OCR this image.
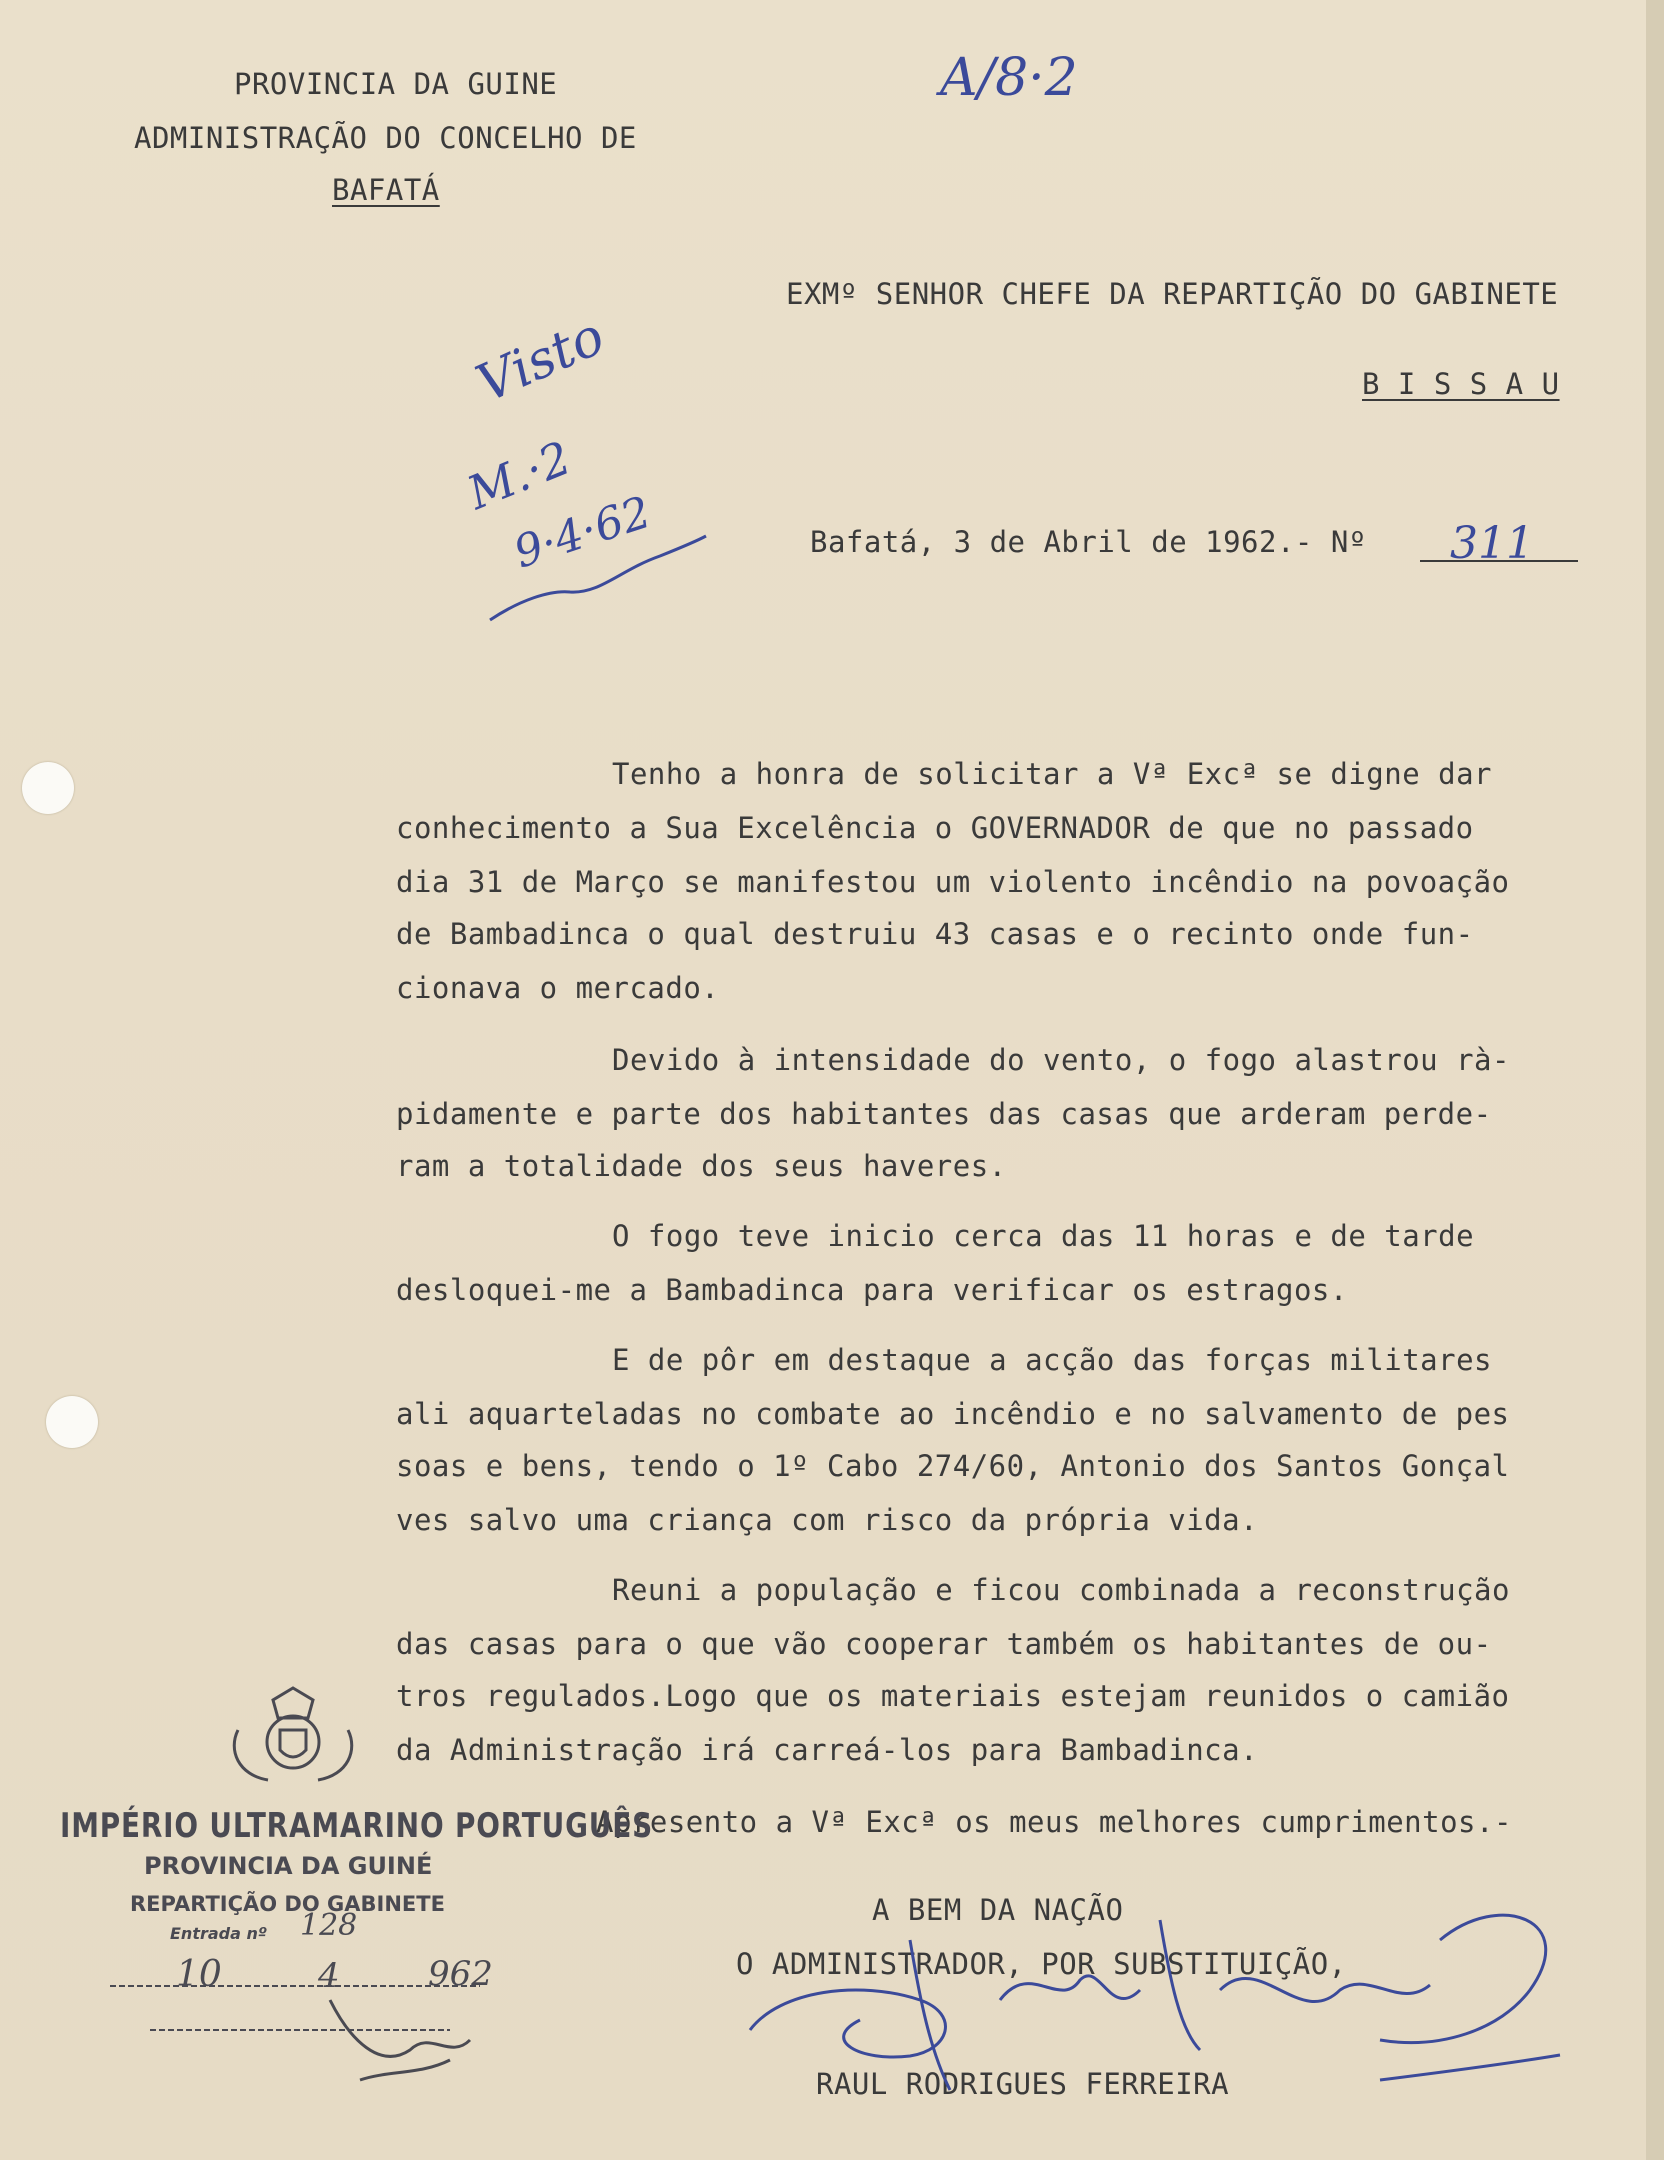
PROVINCIA DA GUINE
ADMINISTRAÇÃO DO CONCELHO DE
BAFATÁ
A/8·2
EXMº SENHOR CHEFE DA REPARTIÇÃO DO GABINETE
B I S S A U
Visto
M.·2
9·4·62	Bafatá, 3 de Abril de 1962.- Nº 311
Tenho a honra de solicitar a Vª Excª se digne dar
conhecimento a Sua Excelência o GOVERNADOR de que no passado
dia 31 de Março se manifestou um violento incêndio na povoação
de Bambadinca o qual destruiu 43 casas e o recinto onde fun-
cionava o mercado.
Devido à intensidade do vento, o fogo alastrou rà-
pidamente e parte dos habitantes das casas que arderam perde-
ram a totalidade dos seus haveres.
O fogo teve inicio cerca das 11 horas e de tarde
desloquei-me a Bambadinca para verificar os estragos.
E de pôr em destaque a acção das forças militares
ali aquarteladas no combate ao incêndio e no salvamento de pes
soas e bens, tendo o 1º Cabo 274/60, Antonio dos Santos Gonçal
ves salvo uma criança com risco da própria vida.
Reuni a população e ficou combinada a reconstrução
das casas para o que vão cooperar também os habitantes de ou-
tros regulados.Logo que os materiais estejam reunidos o camião
da Administração irá carreá-los para Bambadinca.
Apresento a Vª Excª os meus melhores cumprimentos.-
A BEM DA NAÇÃO
O ADMINISTRADOR, POR SUBSTITUIÇÃO,
RAUL RODRIGUES FERREIRA
IMPÉRIO ULTRAMARINO PORTUGUÊS
PROVINCIA DA GUINÉ
REPARTIÇÃO DO GABINETE
Entrada nº 128
10	4	962
